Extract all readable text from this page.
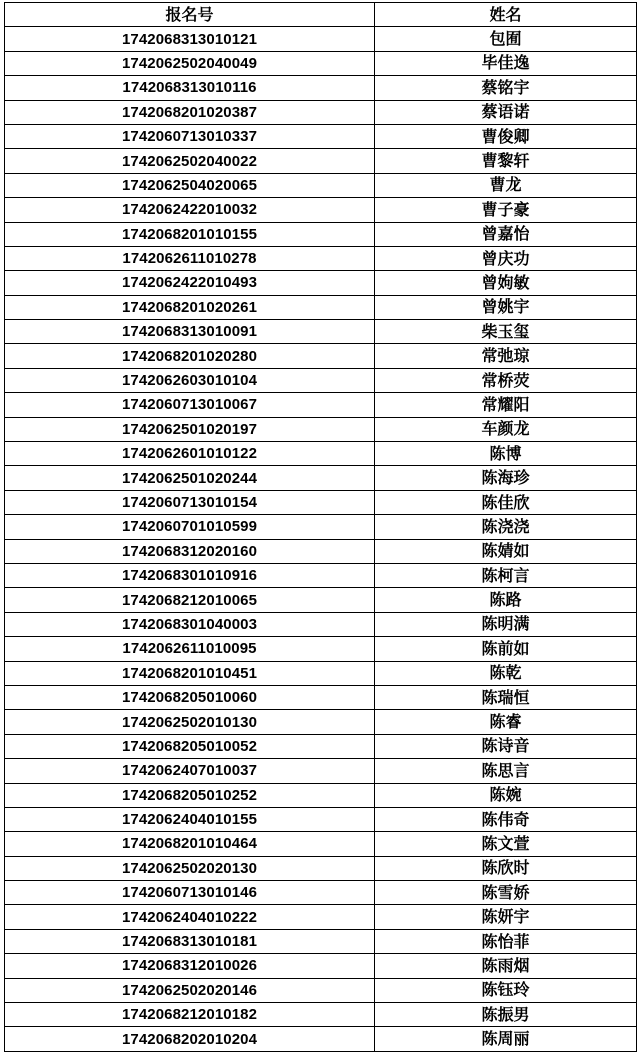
报名号	姓名
1742068313010121	包囿
1742062502040049	毕佳逸
1742068313010116	蔡铭宇
1742068201020387	蔡语诺
1742060713010337	曹俊卿
1742062502040022	曹黎轩
1742062504020065	曹龙
1742062422010032	曹子豪
1742068201010155	曾嘉怡
1742062611010278	曾庆功
1742062422010493	曾姁敏
1742068201020261	曾姚宇
1742068313010091	柴玉玺
1742068201020280	常弛琼
1742062603010104	常桥荧
1742060713010067	常耀阳
1742062501020197	车颜龙
1742062601010122	陈博
1742062501020244	陈海珍
1742060713010154	陈佳欣
1742060701010599	陈浇浇
1742068312020160	陈婧如
1742068301010916	陈柯言
1742068212010065	陈路
1742068301040003	陈明满
1742062611010095	陈前如
1742068201010451	陈乾
1742068205010060	陈瑞恒
1742062502010130	陈睿
1742068205010052	陈诗音
1742062407010037	陈思言
1742068205010252	陈婉
1742062404010155	陈伟奇
1742068201010464	陈文萱
1742062502020130	陈欣时
1742060713010146	陈雪娇
1742062404010222	陈妍宇
1742068313010181	陈怡菲
1742068312010026	陈雨烟
1742062502020146	陈钰玲
1742068212010182	陈振男
1742068202010204	陈周丽
